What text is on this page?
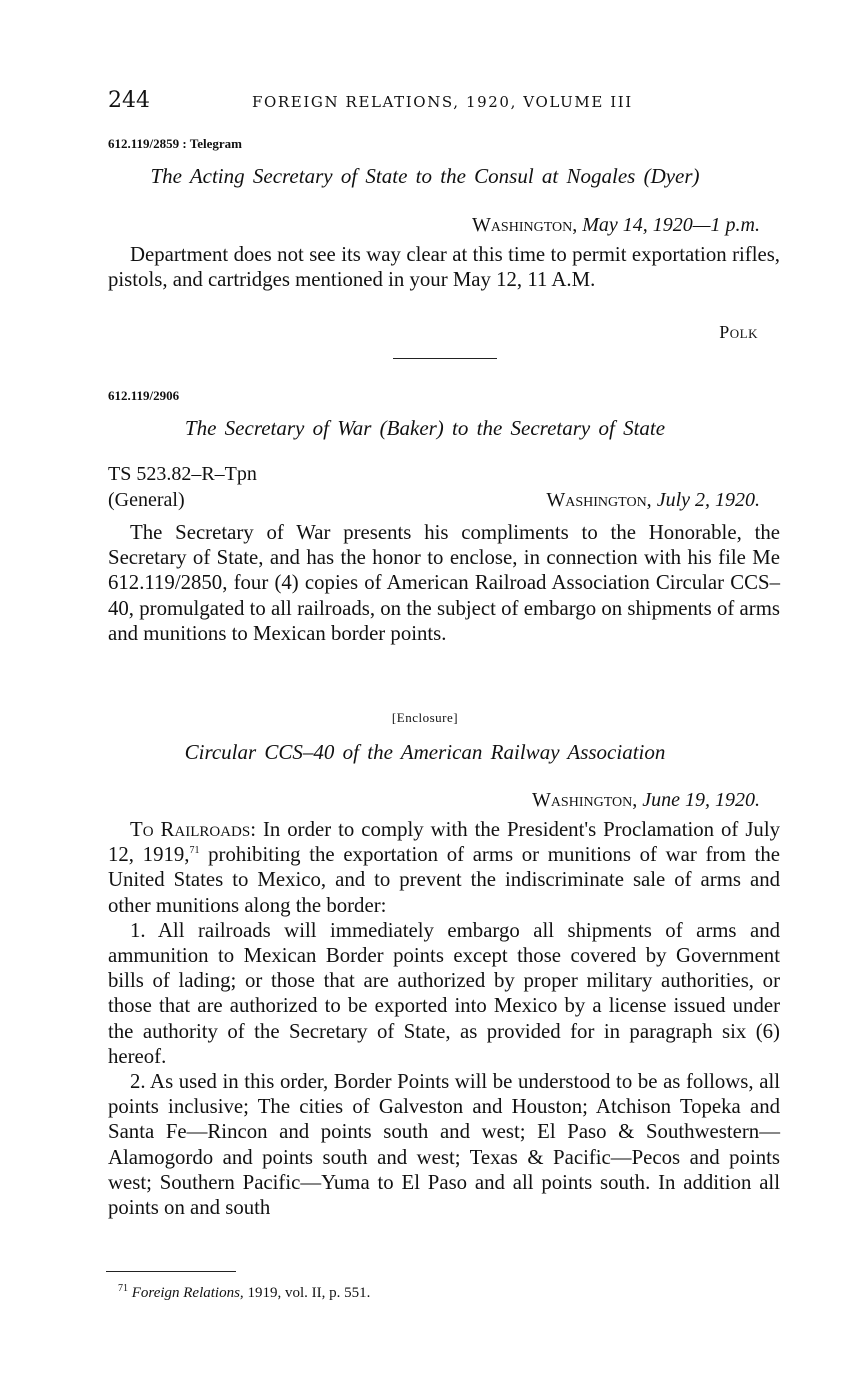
244	FOREIGN RELATIONS, 1920, VOLUME III
612.119/2859 : Telegram
The Acting Secretary of State to the Consul at Nogales (Dyer)
Washington, May 14, 1920—1 p.m.

Department does not see its way clear at this time to permit exportation rifles, pistols, and cartridges mentioned in your May 12, 11 A.M.

Polk
612.119/2906
The Secretary of War (Baker) to the Secretary of State
TS 523.82–R–Tpn
(General)	Washington, July 2, 1920.

The Secretary of War presents his compliments to the Honorable, the Secretary of State, and has the honor to enclose, in connection with his file Me 612.119/2850, four (4) copies of American Railroad Association Circular CCS–40, promulgated to all railroads, on the subject of embargo on shipments of arms and munitions to Mexican border points.

[Enclosure]
Circular CCS–40 of the American Railway Association
Washington, June 19, 1920.

To Railroads: In order to comply with the President's Proclamation of July 12, 1919,71 prohibiting the exportation of arms or munitions of war from the United States to Mexico, and to prevent the indiscriminate sale of arms and other munitions along the border:

1. All railroads will immediately embargo all shipments of arms and ammunition to Mexican Border points except those covered by Government bills of lading; or those that are authorized by proper military authorities, or those that are authorized to be exported into Mexico by a license issued under the authority of the Secretary of State, as provided for in paragraph six (6) hereof.

2. As used in this order, Border Points will be understood to be as follows, all points inclusive; The cities of Galveston and Houston; Atchison Topeka and Santa Fe—Rincon and points south and west; El Paso & Southwestern—Alamogordo and points south and west; Texas & Pacific—Pecos and points west; Southern Pacific—Yuma to El Paso and all points south. In addition all points on and south

$^{71}$ Foreign Relations, 1919, vol. II, p. 551.
